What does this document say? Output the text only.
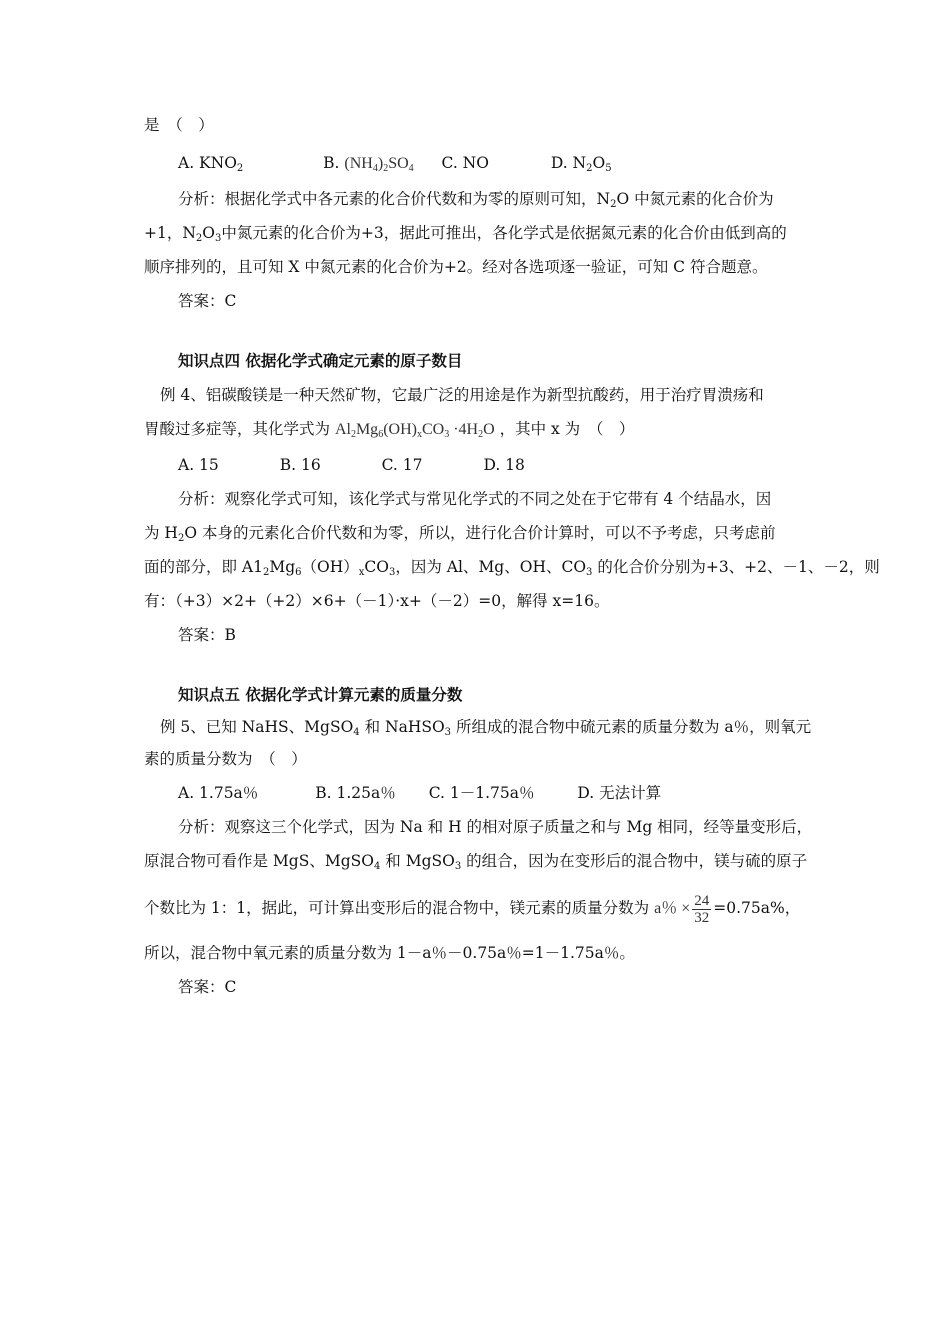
是　（　）
A. $KNO_2$	B. $(NH_4)_2SO_4$ C. NO	D. $N_2O_5$
分析：根据化学式中各元素的化合价代数和为零的原则可知，$N_2O$ 中氮元素的化合价为
+1，$N_2O_3$中氮元素的化合价为+3，据此可推出，各化学式是依据氮元素的化合价由低到高的
顺序排列的，且可知 X 中氮元素的化合价为+2。经对各选项逐一验证，可知 C 符合题意。
答案：C
知识点四 依据化学式确定元素的原子数目
例 4、铝碳酸镁是一种天然矿物，它最广泛的用途是作为新型抗酸药，用于治疗胃溃疡和
胃酸过多症等，其化学式为 $Al_2Mg_6(OH)_xCO_3 \cdot 4H_2O$ ，其中 x 为　（　）
A. 15	B. 16	C. 17	D. 18
分析：观察化学式可知，该化学式与常见化学式的不同之处在于它带有 4 个结晶水，因
为 $H_2O$ 本身的元素化合价代数和为零，所以，进行化合价计算时，可以不予考虑，只考虑前
面的部分，即 $A1_2Mg_6(OH)_xCO_3$，因为 Al、Mg、OH、$CO_3$ 的化合价分别为+3、+2、－1、－2，则
有：（+3）×2+（+2）×6+（－1）·x+（－2）=0，解得 x=16。
答案：B
知识点五 依据化学式计算元素的质量分数
例 5、已知 NaHS、MgSO$_4$ 和 NaHSO$_3$ 所组成的混合物中硫元素的质量分数为 a％，则氧元
素的质量分数为　（　）
A. 1.75a％	B. 1.25a％ C. 1－1.75a％	D. 无法计算
分析：观察这三个化学式，因为 Na 和 H 的相对原子质量之和与 Mg 相同，经等量变形后，
原混合物可看作是 MgS、MgSO$_4$ 和 MgSO$_3$ 的组合，因为在变形后的混合物中，镁与硫的原子
个数比为 1：1，据此，可计算出变形后的混合物中，镁元素的质量分数为 a％ × $\frac{24}{32} =0.75a\%$，
所以，混合物中氧元素的质量分数为 1－a％－0.75a％=1－1.75a％。
答案：C
